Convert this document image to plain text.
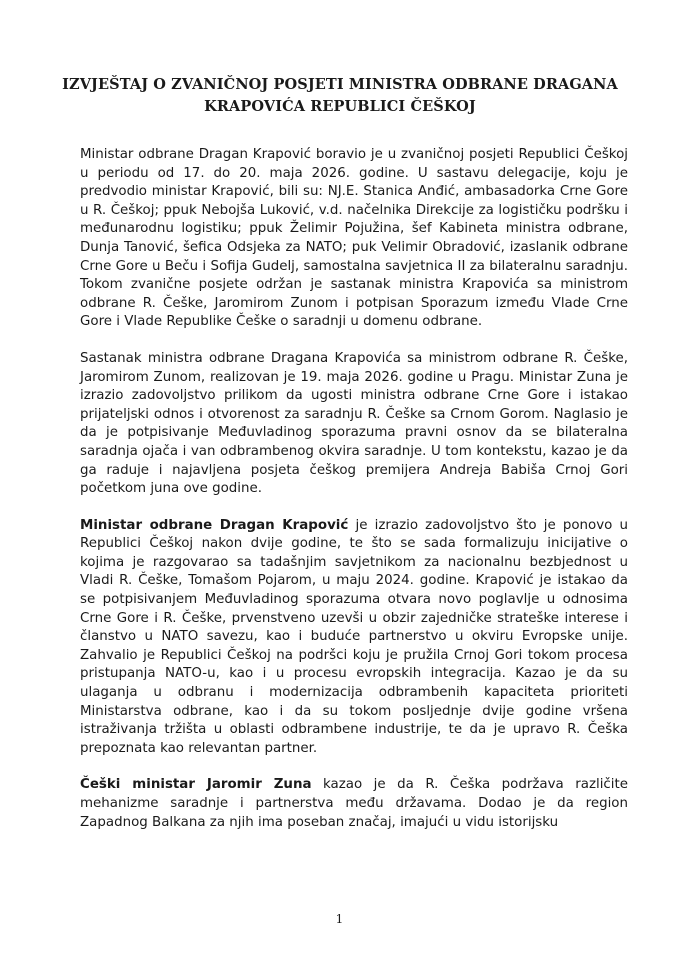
IZVJEŠTAJ O ZVANIČNOJ POSJETI MINISTRA ODBRANE DRAGANA
KRAPOVIĆA REPUBLICI ČEŠKOJ

Ministar odbrane Dragan Krapović boravio je u zvaničnoj posjeti Republici Češkoj u periodu od 17. do 20. maja 2026. godine. U sastavu delegacije, koju je predvodio ministar Krapović, bili su: NJ.E. Stanica Anđić, ambasadorka Crne Gore u R. Češkoj; ppuk Nebojša Luković, v.d. načelnika Direkcije za logističku podršku i međunarodnu logistiku; ppuk Želimir Pojužina, šef Kabineta ministra odbrane, Dunja Tanović, šefica Odsjeka za NATO; puk Velimir Obradović, izaslanik odbrane Crne Gore u Beču i Sofija Gudelj, samostalna savjetnica II za bilateralnu saradnju. Tokom zvanične posjete održan je sastanak ministra Krapovića sa ministrom odbrane R. Češke, Jaromirom Zunom i potpisan Sporazum između Vlade Crne Gore i Vlade Republike Češke o saradnji u domenu odbrane.

Sastanak ministra odbrane Dragana Krapovića sa ministrom odbrane R. Češke, Jaromirom Zunom, realizovan je 19. maja 2026. godine u Pragu. Ministar Zuna je izrazio zadovoljstvo prilikom da ugosti ministra odbrane Crne Gore i istakao prijateljski odnos i otvorenost za saradnju R. Češke sa Crnom Gorom. Naglasio je da je potpisivanje Međuvladinog sporazuma pravni osnov da se bilateralna saradnja ojača i van odbrambenog okvira saradnje. U tom kontekstu, kazao je da ga raduje i najavljena posjeta češkog premijera Andreja Babiša Crnoj Gori početkom juna ove godine.

Ministar odbrane Dragan Krapović je izrazio zadovoljstvo što je ponovo u Republici Češkoj nakon dvije godine, te što se sada formalizuju inicijative o kojima je razgovarao sa tadašnjim savjetnikom za nacionalnu bezbjednost u Vladi R. Češke, Tomašom Pojarom, u maju 2024. godine. Krapović je istakao da se potpisivanjem Međuvladinog sporazuma otvara novo poglavlje u odnosima Crne Gore i R. Češke, prvenstveno uzevši u obzir zajedničke strateške interese i članstvo u NATO savezu, kao i buduće partnerstvo u okviru Evropske unije. Zahvalio je Republici Češkoj na podršci koju je pružila Crnoj Gori tokom procesa pristupanja NATO-u, kao i u procesu evropskih integracija. Kazao je da su ulaganja u odbranu i modernizacija odbrambenih kapaciteta prioriteti Ministarstva odbrane, kao i da su tokom posljednje dvije godine vršena istraživanja tržišta u oblasti odbrambene industrije, te da je upravo R. Češka prepoznata kao relevantan partner.

Češki ministar Jaromir Zuna kazao je da R. Češka podržava različite mehanizme saradnje i partnerstva među državama. Dodao je da region Zapadnog Balkana za njih ima poseban značaj, imajući u vidu istorijsku

1
